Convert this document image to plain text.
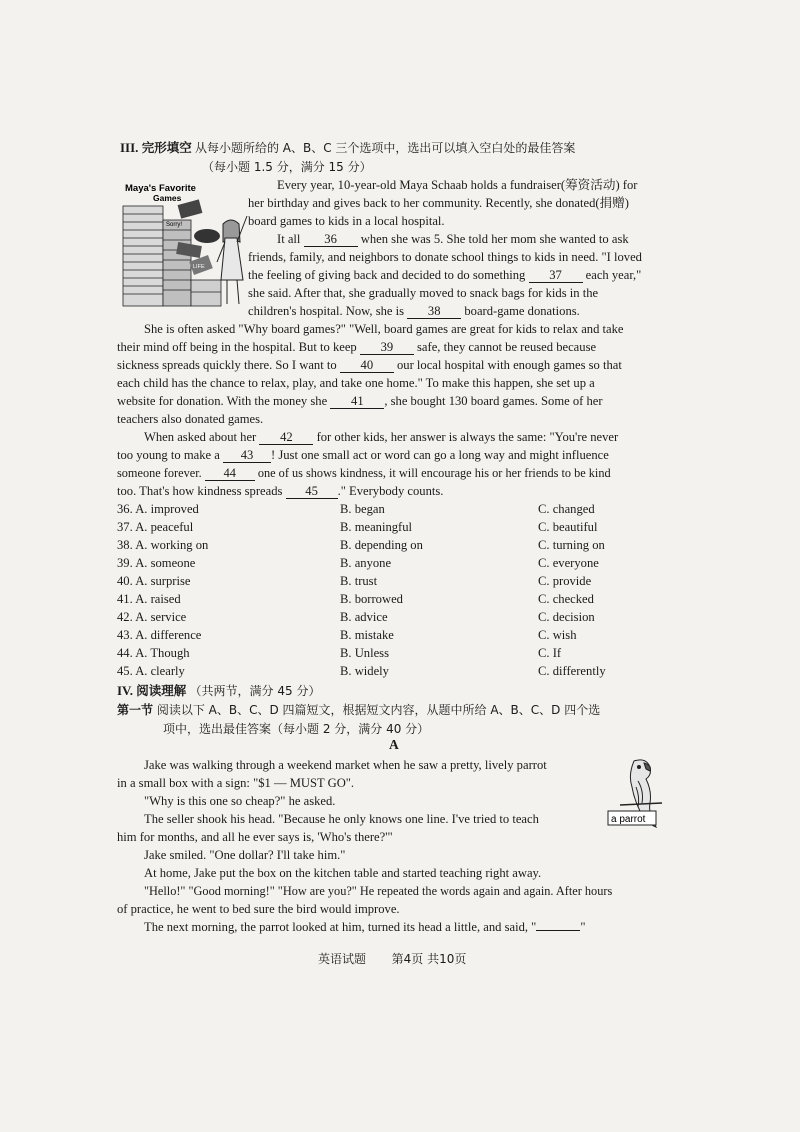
III. 完形填空 从每小题所给的 A、B、C 三个选项中，选出可以填入空白处的最佳答案
（每小题 1.5 分，满分 15 分）
Maya's Favorite
Games
Sorry!
LIFE
Every year, 10-year-old Maya Schaab holds a fundraiser(筹资活动) for
her birthday and gives back to her community. Recently, she donated(捐赠)
board games to kids in a local hospital.
It all 36 when she was 5. She told her mom she wanted to ask
friends, family, and neighbors to donate school things to kids in need. "I loved
the feeling of giving back and decided to do something 37 each year,"
she said. After that, she gradually moved to snack bags for kids in the
children's hospital. Now, she is 38 board-game donations.
She is often asked "Why board games?" "Well, board games are great for kids to relax and take
their mind off being in the hospital. But to keep 39 safe, they cannot be reused because
sickness spreads quickly there. So I want to 40 our local hospital with enough games so that
each child has the chance to relax, play, and take one home." To make this happen, she set up a
website for donation. With the money she 41 , she bought 130 board games. Some of her
teachers also donated games.
When asked about her 42 for other kids, her answer is always the same: "You're never
too young to make a 43 ! Just one small act or word can go a long way and might influence
someone forever. 44 one of us shows kindness, it will encourage his or her friends to be kind
too. That's how kindness spreads 45 ." Everybody counts.
36. A. improved	B. began	C. changed
37. A. peaceful	B. meaningful	C. beautiful
38. A. working on	B. depending on	C. turning on
39. A. someone	B. anyone	C. everyone
40. A. surprise	B. trust	C. provide
41. A. raised	B. borrowed	C. checked
42. A. service	B. advice	C. decision
43. A. difference	B. mistake	C. wish
44. A. Though	B. Unless	C. If
45. A. clearly	B. widely	C. differently
IV. 阅读理解 （共两节，满分 45 分）
第一节 阅读以下 A、B、C、D 四篇短文，根据短文内容，从题中所给 A、B、C、D 四个选
项中，选出最佳答案（每小题 2 分，满分 40 分）
A
a parrot
Jake was walking through a weekend market when he saw a pretty, lively parrot
in a small box with a sign: "$1 — MUST GO".
"Why is this one so cheap?" he asked.
The seller shook his head. "Because he only knows one line. I've tried to teach
him for months, and all he ever says is, 'Who's there?'"
Jake smiled. "One dollar? I'll take him."
At home, Jake put the box on the kitchen table and started teaching right away.
"Hello!" "Good morning!" "How are you?" He repeated the words again and again. After hours
of practice, he went to bed sure the bird would improve.
The next morning, the parrot looked at him, turned its head a little, and said, "	"
英语试题 第4页 共10页
